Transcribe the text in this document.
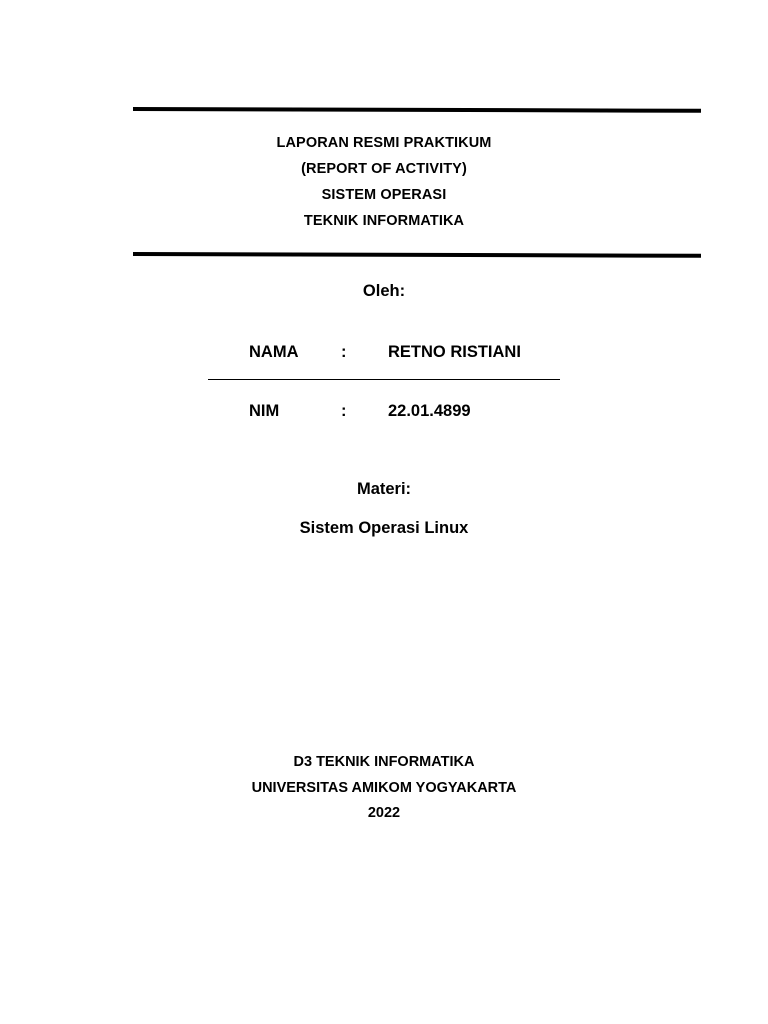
LAPORAN RESMI PRAKTIKUM
(REPORT OF ACTIVITY)
SISTEM OPERASI
TEKNIK INFORMATIKA
Oleh:
NAMA	:	RETNO RISTIANI
NIM	:	22.01.4899
Materi:
Sistem Operasi Linux
D3 TEKNIK INFORMATIKA
UNIVERSITAS AMIKOM YOGYAKARTA
2022
